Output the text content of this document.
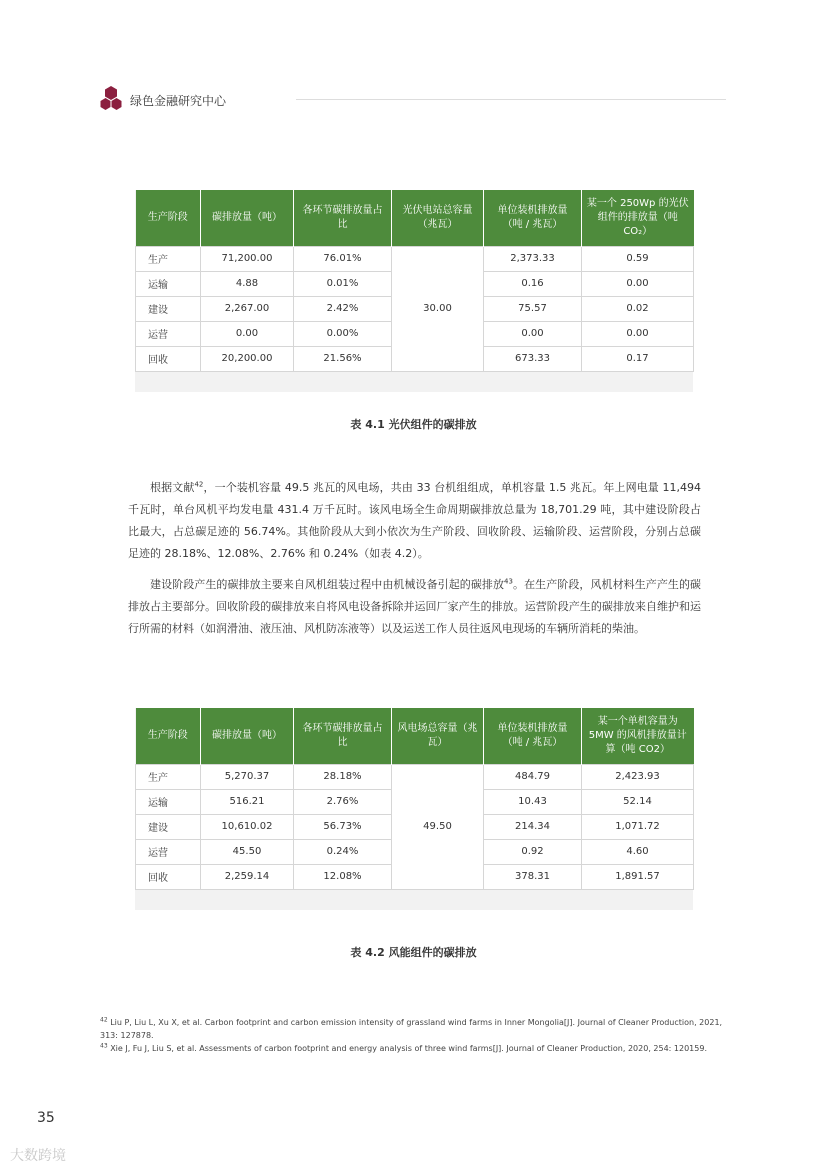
绿色金融研究中心
生产阶段	碳排放量（吨）	各环节碳排放量占比	光伏电站总容量（兆瓦）	单位装机排放量（吨 / 兆瓦）	某一个 250Wp 的光伏组件的排放量（吨 CO₂）
生产	71,200.00	76.01%	30.00	2,373.33	0.59
运输	4.88	0.01%		0.16	0.00
建设	2,267.00	2.42%		75.57	0.02
运营	0.00	0.00%		0.00	0.00
回收	20,200.00	21.56%		673.33	0.17
表 4.1 光伏组件的碳排放
根据文献$^{42}$，一个装机容量 49.5 兆瓦的风电场，共由 33 台机组组成，单机容量 1.5 兆瓦。年上网电量 11,494 千瓦时，单台风机平均发电量 431.4 万千瓦时。该风电场全生命周期碳排放总量为 18,701.29 吨，其中建设阶段占比最大，占总碳足迹的 56.74%。其他阶段从大到小依次为生产阶段、回收阶段、运输阶段、运营阶段，分别占总碳足迹的 28.18%、12.08%、2.76% 和 0.24%（如表 4.2）。
建设阶段产生的碳排放主要来自风机组装过程中由机械设备引起的碳排放$^{43}$。在生产阶段，风机材料生产产生的碳排放占主要部分。回收阶段的碳排放来自将风电设备拆除并运回厂家产生的排放。运营阶段产生的碳排放来自维护和运行所需的材料（如润滑油、液压油、风机防冻液等）以及运送工作人员往返风电现场的车辆所消耗的柴油。
生产阶段	碳排放量（吨）	各环节碳排放量占比	风电场总容量（兆瓦）	单位装机排放量（吨 / 兆瓦）	某一个单机容量为 5MW 的风机排放量计算（吨 CO2）
生产	5,270.37	28.18%	49.50	484.79	2,423.93
运输	516.21	2.76%		10.43	52.14
建设	10,610.02	56.73%		214.34	1,071.72
运营	45.50	0.24%		0.92	4.60
回收	2,259.14	12.08%		378.31	1,891.57
表 4.2 风能组件的碳排放
$^{42}$ Liu P, Liu L, Xu X, et al. Carbon footprint and carbon emission intensity of grassland wind farms in Inner Mongolia[J]. Journal of Cleaner Production, 2021, 313: 127878.
$^{43}$ Xie J, Fu J, Liu S, et al. Assessments of carbon footprint and energy analysis of three wind farms[J]. Journal of Cleaner Production, 2020, 254: 120159.
35
大数跨境
